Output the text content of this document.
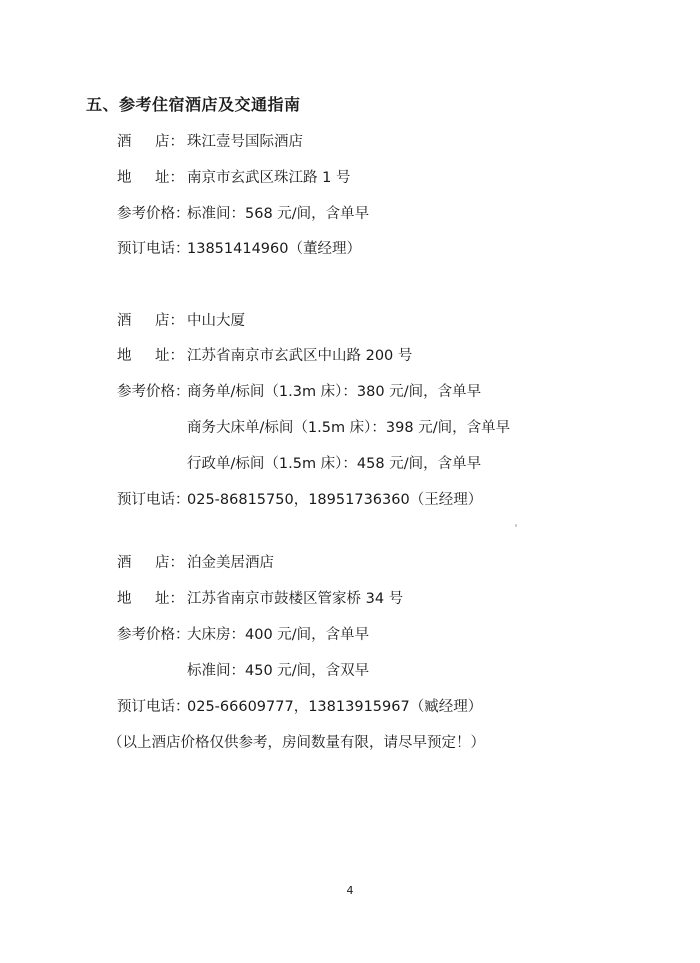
五、参考住宿酒店及交通指南
酒 店： 珠江壹号国际酒店
地 址： 南京市玄武区珠江路 1 号
参考价格：标准间：568 元/间，含单早
预订电话：13851414960（董经理）
酒 店： 中山大厦
地 址： 江苏省南京市玄武区中山路 200 号
参考价格：商务单/标间（1.3m 床）：380 元/间，含单早
商务大床单/标间（1.5m 床）：398 元/间，含单早
行政单/标间（1.5m 床）：458 元/间，含单早
预订电话：025-86815750，18951736360（王经理）
酒 店： 泊金美居酒店
地 址： 江苏省南京市鼓楼区管家桥 34 号
参考价格：大床房：400 元/间，含单早
标准间：450 元/间，含双早
预订电话：025-66609777，13813915967（臧经理）
（以上酒店价格仅供参考，房间数量有限，请尽早预定！）
4
